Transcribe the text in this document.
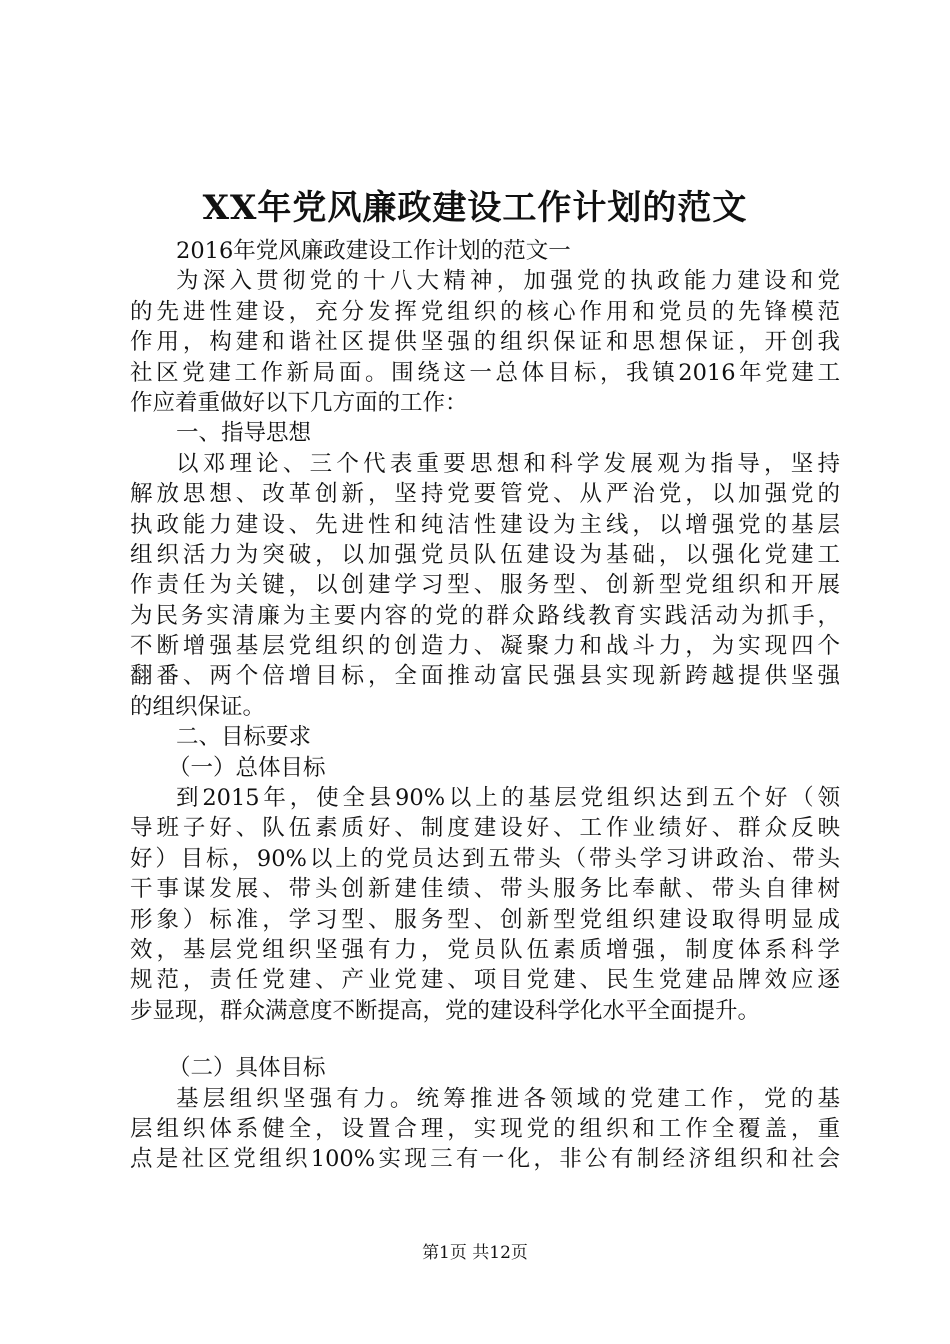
XX年党风廉政建设工作计划的范文
2016年党风廉政建设工作计划的范文一
为深入贯彻党的十八大精神，加强党的执政能力建设和党
的先进性建设，充分发挥党组织的核心作用和党员的先锋模范
作用，构建和谐社区提供坚强的组织保证和思想保证，开创我
社区党建工作新局面。围绕这一总体目标，我镇2016年党建工
作应着重做好以下几方面的工作：
一、指导思想
以邓理论、三个代表重要思想和科学发展观为指导，坚持
解放思想、改革创新，坚持党要管党、从严治党，以加强党的
执政能力建设、先进性和纯洁性建设为主线，以增强党的基层
组织活力为突破，以加强党员队伍建设为基础，以强化党建工
作责任为关键，以创建学习型、服务型、创新型党组织和开展
为民务实清廉为主要内容的党的群众路线教育实践活动为抓手，
不断增强基层党组织的创造力、凝聚力和战斗力，为实现四个
翻番、两个倍增目标，全面推动富民强县实现新跨越提供坚强
的组织保证。
二、目标要求
（一）总体目标
到2015年，使全县90%以上的基层党组织达到五个好（领
导班子好、队伍素质好、制度建设好、工作业绩好、群众反映
好）目标，90%以上的党员达到五带头（带头学习讲政治、带头
干事谋发展、带头创新建佳绩、带头服务比奉献、带头自律树
形象）标准，学习型、服务型、创新型党组织建设取得明显成
效，基层党组织坚强有力，党员队伍素质增强，制度体系科学
规范，责任党建、产业党建、项目党建、民生党建品牌效应逐
步显现，群众满意度不断提高，党的建设科学化水平全面提升。
（二）具体目标
基层组织坚强有力。统筹推进各领域的党建工作，党的基
层组织体系健全，设置合理，实现党的组织和工作全覆盖，重
点是社区党组织100%实现三有一化，非公有制经济组织和社会
第1页 共12页
